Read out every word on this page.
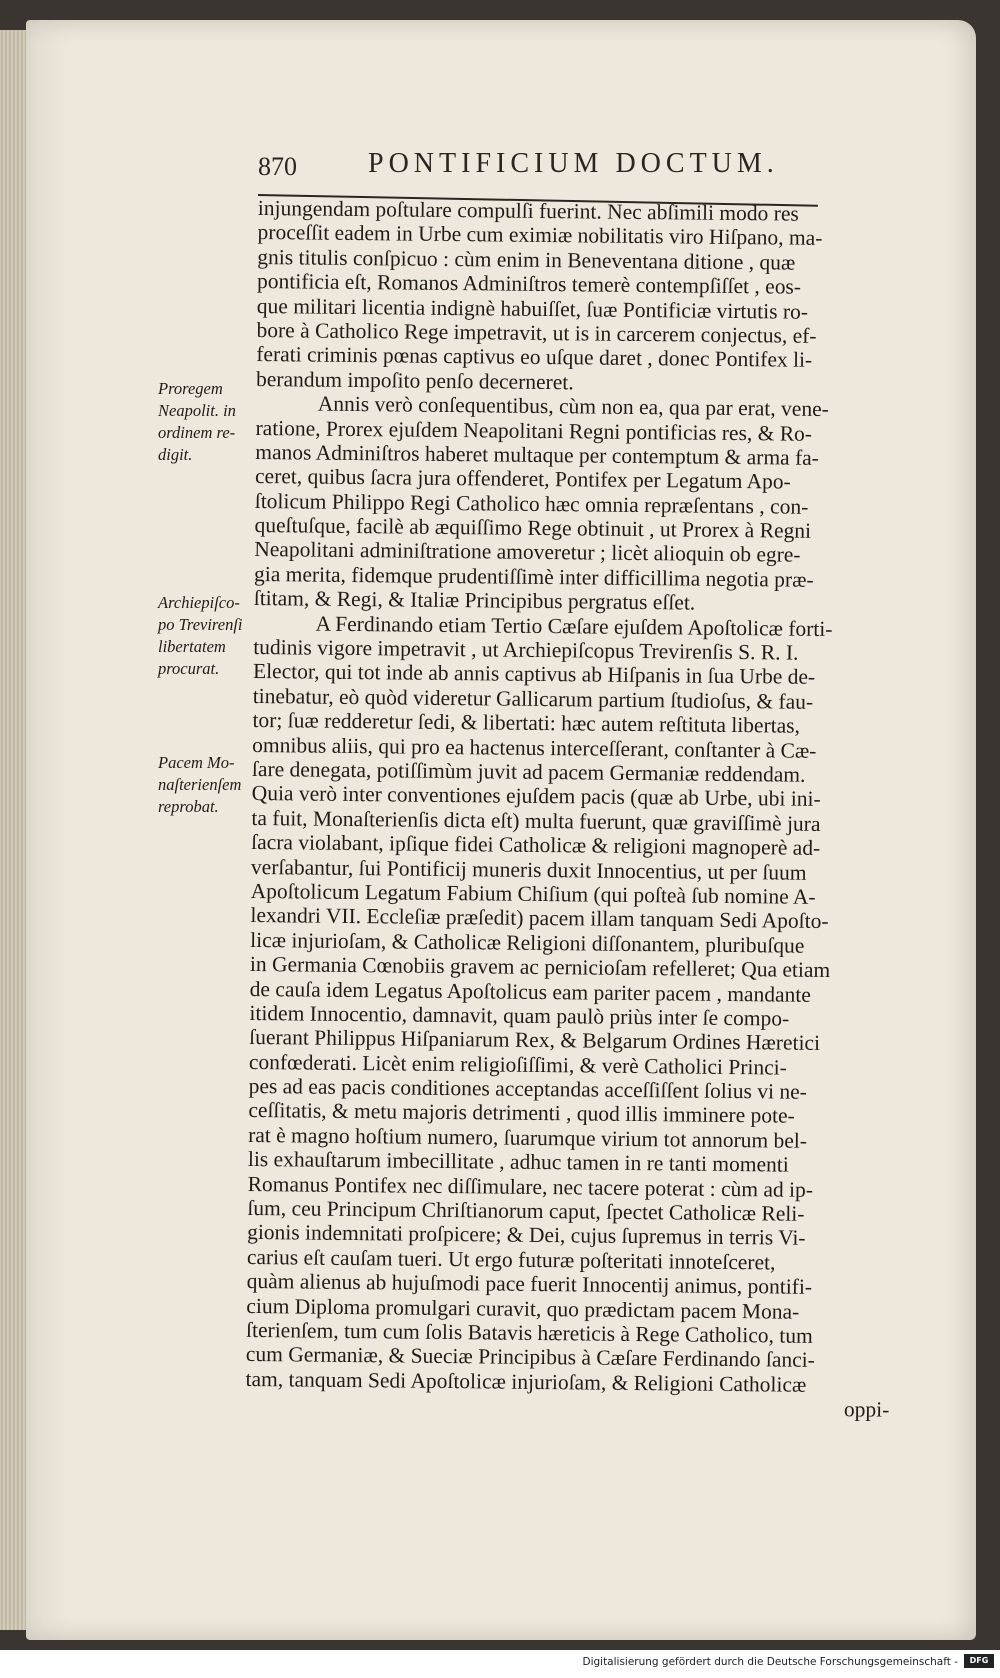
870	PONTIFICIUM DOCTUM.
Proregem
Neapolit. in
ordinem re-
digit.
Archiepiſco-
po Trevirenſi
libertatem
procurat.
Pacem Mo-
naſterienſem
reprobat.
injungendam poſtulare compulſi fuerint. Nec abſimili modo res
proceſſit eadem in Urbe cum eximiæ nobilitatis viro Hiſpano, ma-
gnis titulis conſpicuo : cùm enim in Beneventana ditione , quæ
pontificia eſt, Romanos Adminiſtros temerè contempſiſſet , eos-
que militari licentia indignè habuiſſet, ſuæ Pontificiæ virtutis ro-
bore à Catholico Rege impetravit, ut is in carcerem conjectus, ef-
ferati criminis pœnas captivus eo uſque daret , donec Pontifex li-
berandum impoſito penſo decerneret.
Annis verò conſequentibus, cùm non ea, qua par erat, vene-
ratione, Prorex ejuſdem Neapolitani Regni pontificias res, & Ro-
manos Adminiſtros haberet multaque per contemptum & arma fa-
ceret, quibus ſacra jura offenderet, Pontifex per Legatum Apo-
ſtolicum Philippo Regi Catholico hæc omnia repræſentans , con-
queſtuſque, facilè ab æquiſſimo Rege obtinuit , ut Prorex à Regni
Neapolitani adminiſtratione amoveretur ; licèt alioquin ob egre-
gia merita, fidemque prudentiſſimè inter difficillima negotia præ-
ſtitam, & Regi, & Italiæ Principibus pergratus eſſet.
A Ferdinando etiam Tertio Cæſare ejuſdem Apoſtolicæ forti-
tudinis vigore impetravit , ut Archiepiſcopus Trevirenſis S. R. I.
Elector, qui tot inde ab annis captivus ab Hiſpanis in ſua Urbe de-
tinebatur, eò quòd videretur Gallicarum partium ſtudioſus, & fau-
tor; ſuæ redderetur ſedi, & libertati: hæc autem reſtituta libertas,
omnibus aliis, qui pro ea hactenus interceſſerant, conſtanter à Cæ-
ſare denegata, potiſſimùm juvit ad pacem Germaniæ reddendam.
Quia verò inter conventiones ejuſdem pacis (quæ ab Urbe, ubi ini-
ta fuit, Monaſterienſis dicta eſt) multa fuerunt, quæ graviſſimè jura
ſacra violabant, ipſique fidei Catholicæ & religioni magnoperè ad-
verſabantur, ſui Pontificij muneris duxit Innocentius, ut per ſuum
Apoſtolicum Legatum Fabium Chiſium (qui poſteà ſub nomine A-
lexandri VII. Eccleſiæ præſedit) pacem illam tanquam Sedi Apoſto-
licæ injurioſam, & Catholicæ Religioni diſſonantem, pluribuſque
in Germania Cœnobiis gravem ac pernicioſam refelleret; Qua etiam
de cauſa idem Legatus Apoſtolicus eam pariter pacem , mandante
itidem Innocentio, damnavit, quam paulò priùs inter ſe compo-
ſuerant Philippus Hiſpaniarum Rex, & Belgarum Ordines Hæretici
confœderati. Licèt enim religioſiſſimi, & verè Catholici Princi-
pes ad eas pacis conditiones acceptandas acceſſiſſent ſolius vi ne-
ceſſitatis, & metu majoris detrimenti , quod illis imminere pote-
rat è magno hoſtium numero, ſuarumque virium tot annorum bel-
lis exhauſtarum imbecillitate , adhuc tamen in re tanti momenti
Romanus Pontifex nec diſſimulare, nec tacere poterat : cùm ad ip-
ſum, ceu Principum Chriſtianorum caput, ſpectet Catholicæ Reli-
gionis indemnitati proſpicere; & Dei, cujus ſupremus in terris Vi-
carius eſt cauſam tueri. Ut ergo futuræ poſteritati innoteſceret,
quàm alienus ab hujuſmodi pace fuerit Innocentij animus, pontifi-
cium Diploma promulgari curavit, quo prædictam pacem Mona-
ſterienſem, tum cum ſolis Batavis hæreticis à Rege Catholico, tum
cum Germaniæ, & Sueciæ Principibus à Cæſare Ferdinando ſanci-
tam, tanquam Sedi Apoſtolicæ injurioſam, & Religioni Catholicæ
oppi-
Digitalisierung gefördert durch die Deutsche Forschungsgemeinschaft -	DFG
